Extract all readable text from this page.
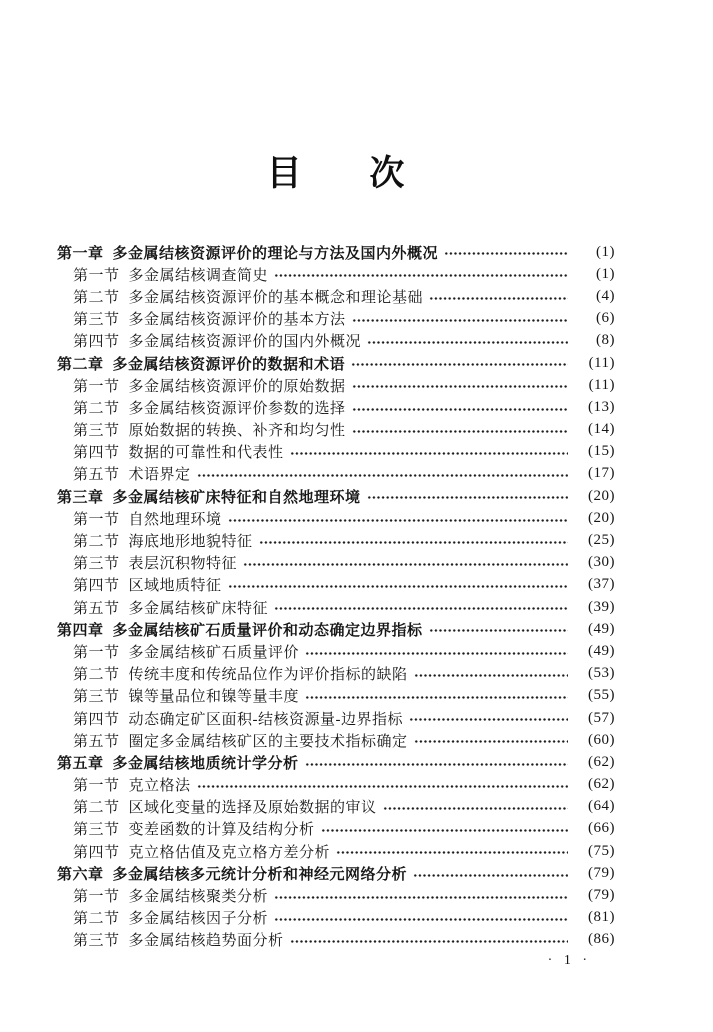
目 次
第一章 多金属结核资源评价的理论与方法及国内外概况	(1)
第一节 多金属结核调查简史	(1)
第二节 多金属结核资源评价的基本概念和理论基础	(4)
第三节 多金属结核资源评价的基本方法	(6)
第四节 多金属结核资源评价的国内外概况	(8)
第二章 多金属结核资源评价的数据和术语	(11)
第一节 多金属结核资源评价的原始数据	(11)
第二节 多金属结核资源评价参数的选择	(13)
第三节 原始数据的转换、补齐和均匀性	(14)
第四节 数据的可靠性和代表性	(15)
第五节 术语界定	(17)
第三章 多金属结核矿床特征和自然地理环境	(20)
第一节 自然地理环境	(20)
第二节 海底地形地貌特征	(25)
第三节 表层沉积物特征	(30)
第四节 区域地质特征	(37)
第五节 多金属结核矿床特征	(39)
第四章 多金属结核矿石质量评价和动态确定边界指标	(49)
第一节 多金属结核矿石质量评价	(49)
第二节 传统丰度和传统品位作为评价指标的缺陷	(53)
第三节 镍等量品位和镍等量丰度	(55)
第四节 动态确定矿区面积-结核资源量-边界指标	(57)
第五节 圈定多金属结核矿区的主要技术指标确定	(60)
第五章 多金属结核地质统计学分析	(62)
第一节 克立格法	(62)
第二节 区域化变量的选择及原始数据的审议	(64)
第三节 变差函数的计算及结构分析	(66)
第四节 克立格估值及克立格方差分析	(75)
第六章 多金属结核多元统计分析和神经元网络分析	(79)
第一节 多金属结核聚类分析	(79)
第二节 多金属结核因子分析	(81)
第三节 多金属结核趋势面分析	(86)
· 1 ·
